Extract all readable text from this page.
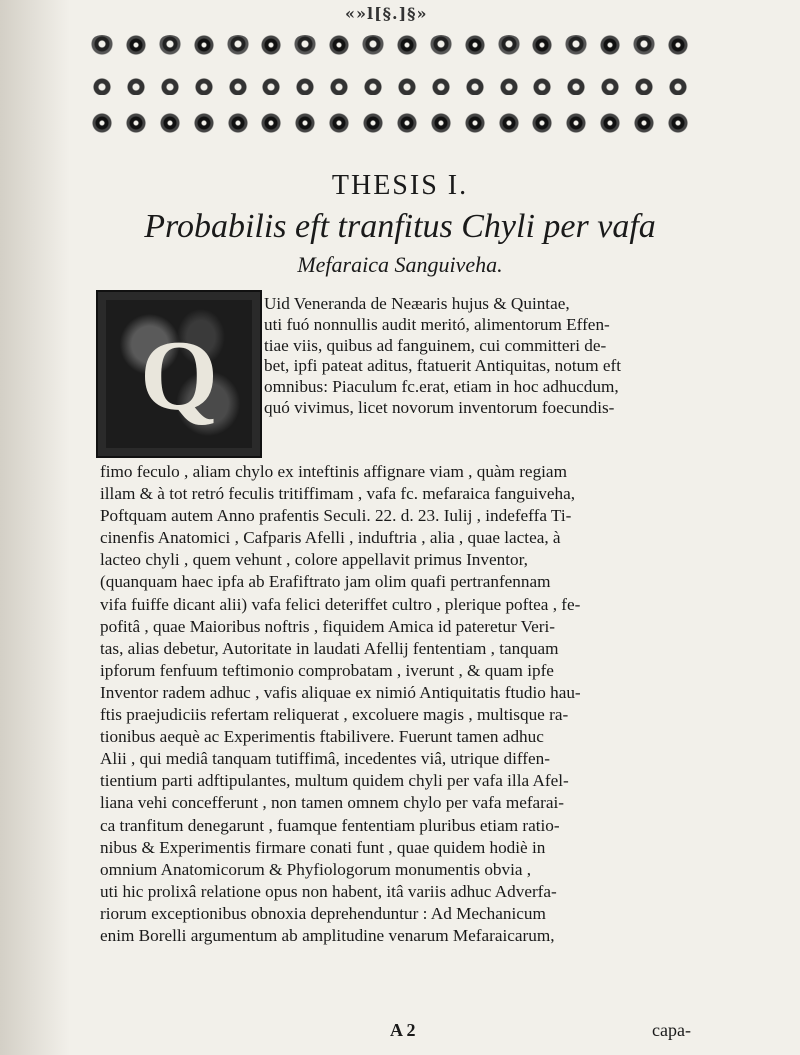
«»l[§.]§»
THESIS I.
Probabilis eft tranfitus Chyli per vafa
Mefaraica Sanguiveha.
Q
Uid Veneranda de Neæaris hujus & Quintae,
uti fuó nonnullis audit meritó, alimentorum Effen-
tiae viis, quibus ad fanguinem, cui committeri de-
bet, ipfi pateat aditus, ftatuerit Antiquitas, notum eft
omnibus: Piaculum fc.erat, etiam in hoc adhucdum,
quó vivimus, licet novorum inventorum foecundis-
fimo feculo , aliam chylo ex inteftinis affignare viam , quàm regiam
illam & à tot retró feculis tritiffimam , vafa fc. mefaraica fanguiveha,
Poftquam autem Anno prafentis Seculi. 22. d. 23. Iulij , indefeffa Ti-
cinenfis Anatomici , Cafparis Afelli , induftria , alia , quae lactea, à
lacteo chyli , quem vehunt , colore appellavit primus Inventor,
(quanquam haec ipfa ab Erafiftrato jam olim quafi pertranfennam
vifa fuiffe dicant alii) vafa felici deteriffet cultro , plerique poftea , fe-
pofitâ , quae Maioribus noftris , fiquidem Amica id pateretur Veri-
tas, alias debetur, Autoritate in laudati Afellij fententiam , tanquam
ipforum fenfuum teftimonio comprobatam , iverunt , & quam ipfe
Inventor radem adhuc , vafis aliquae ex nimió Antiquitatis ftudio hau-
ftis praejudiciis refertam reliquerat , excoluere magis , multisque ra-
tionibus aequè ac Experimentis ftabilivere. Fuerunt tamen adhuc
Alii , qui mediâ tanquam tutiffimâ, incedentes viâ, utrique diffen-
tientium parti adftipulantes, multum quidem chyli per vafa illa Afel-
liana vehi concefferunt , non tamen omnem chylo per vafa mefarai-
ca tranfitum denegarunt , fuamque fententiam pluribus etiam ratio-
nibus & Experimentis firmare conati funt , quae quidem hodiè in
omnium Anatomicorum & Phyfiologorum monumentis obvia ,
uti hic prolixâ relatione opus non habent, itâ variis adhuc Adverfa-
riorum exceptionibus obnoxia deprehenduntur : Ad Mechanicum
enim Borelli argumentum ab amplitudine venarum Mefaraicarum,
A 2	capa-
